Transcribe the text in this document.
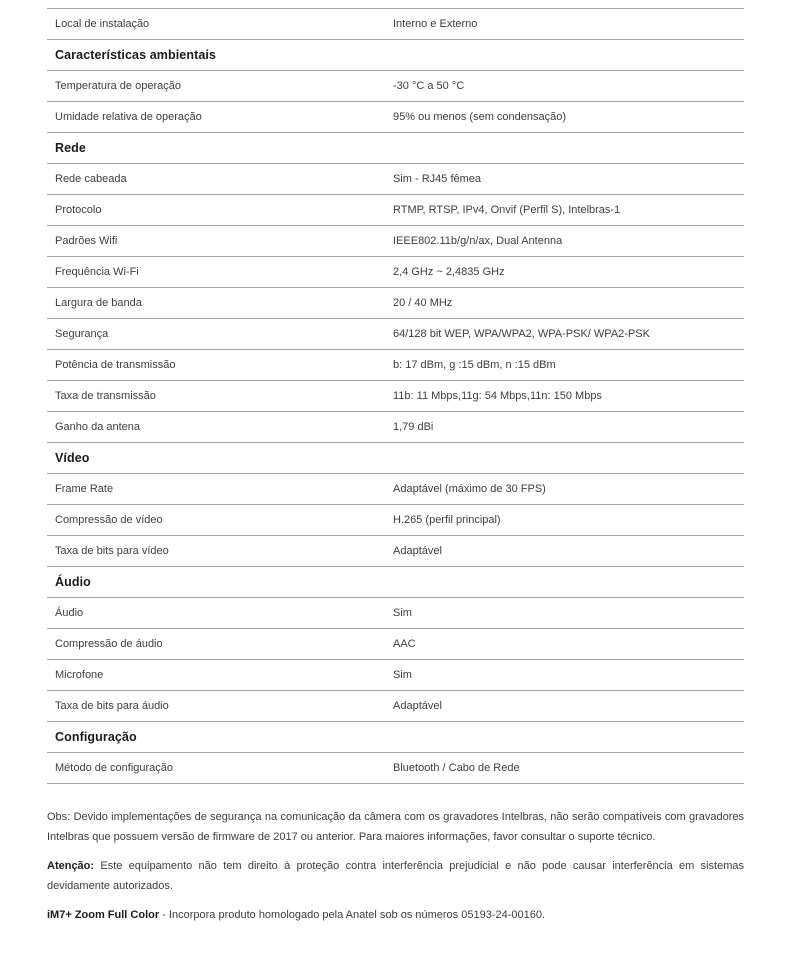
Local de instalação	Interno e Externo
Características ambientais
Temperatura de operação	-30 °C a 50 °C
Umidade relativa de operação	95% ou menos (sem condensação)
Rede
Rede cabeada	Sim - RJ45 fêmea
Protocolo	RTMP, RTSP, IPv4, Onvif (Perfil S), Intelbras-1
Padrões Wifi	IEEE802.11b/g/n/ax, Dual Antenna
Frequência Wi-Fi	2,4 GHz ~ 2,4835 GHz
Largura de banda	20 / 40 MHz
Segurança	64/128 bit WEP, WPA/WPA2, WPA-PSK/ WPA2-PSK
Potência de transmissão	b: 17 dBm, g :15 dBm, n :15 dBm
Taxa de transmissão	11b: 11 Mbps,11g: 54 Mbps,11n: 150 Mbps
Ganho da antena	1,79 dBi
Vídeo
Frame Rate	Adaptável (máximo de 30 FPS)
Compressão de vídeo	H.265 (perfil principal)
Taxa de bits para vídeo	Adaptável
Áudio
Áudio	Sim
Compressão de áudio	AAC
Microfone	Sim
Taxa de bits para áudio	Adaptável
Configuração
Método de configuração	Bluetooth / Cabo de Rede

Obs: Devido implementações de segurança na comunicação da câmera com os gravadores Intelbras, não serão compatíveis com gravadores Intelbras que possuem versão de firmware de 2017 ou anterior. Para maiores informações, favor consultar o suporte técnico.

Atenção: Este equipamento não tem direito à proteção contra interferência prejudicial e não pode causar interferência em sistemas devidamente autorizados.

iM7+ Zoom Full Color - Incorpora produto homologado pela Anatel sob os números 05193-24-00160.
